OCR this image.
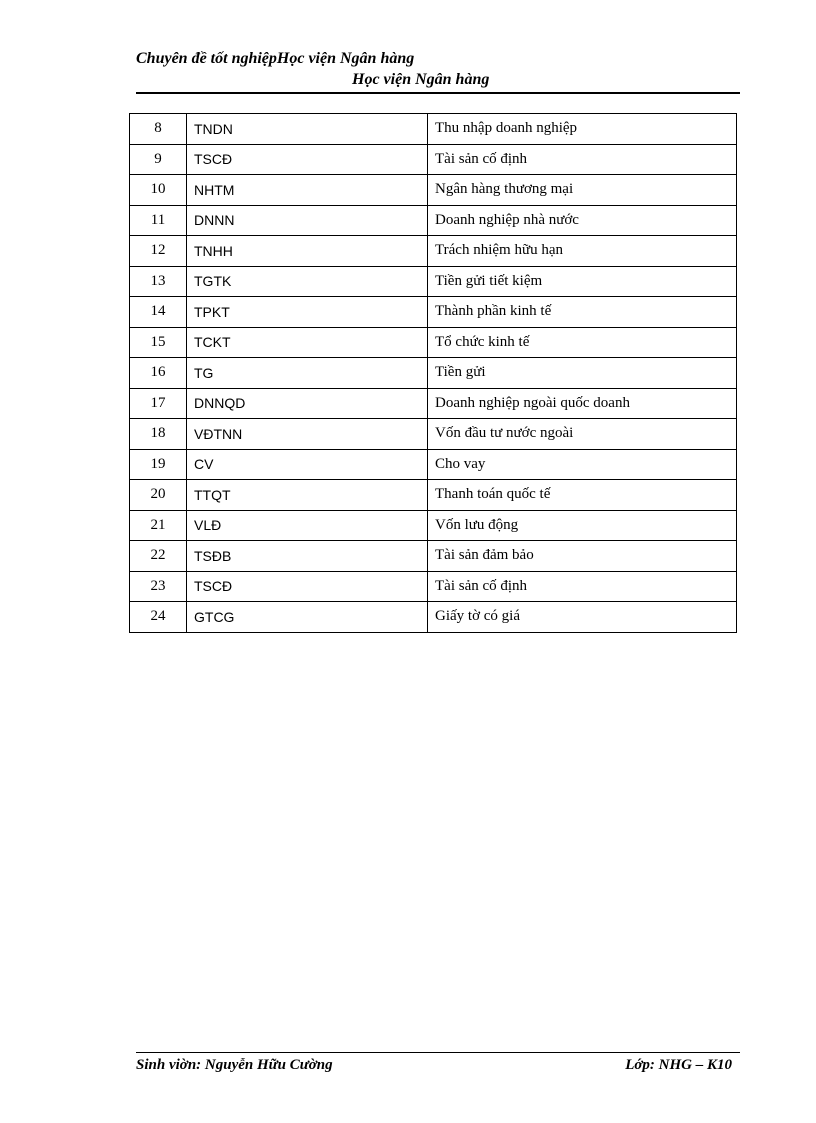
Chuyên đề tốt nghiệpHọc viện Ngân hàng
Học viện Ngân hàng
8	TNDN	Thu nhập doanh nghiệp
9	TSCĐ	Tài sản cố định
10	NHTM	Ngân hàng thương mại
11	DNNN	Doanh nghiệp nhà nước
12	TNHH	Trách nhiệm hữu hạn
13	TGTK	Tiền gửi tiết kiệm
14	TPKT	Thành phần kinh tế
15	TCKT	Tổ chức kinh tế
16	TG	Tiền gửi
17	DNNQD	Doanh nghiệp ngoài quốc doanh
18	VĐTNN	Vốn đầu tư nước ngoài
19	CV	Cho vay
20	TTQT	Thanh toán quốc tế
21	VLĐ	Vốn lưu động
22	TSĐB	Tài sản đảm bảo
23	TSCĐ	Tài sản cố định
24	GTCG	Giấy tờ có giá
Sinh viờn: Nguyễn Hữu Cường	Lớp: NHG – K10
